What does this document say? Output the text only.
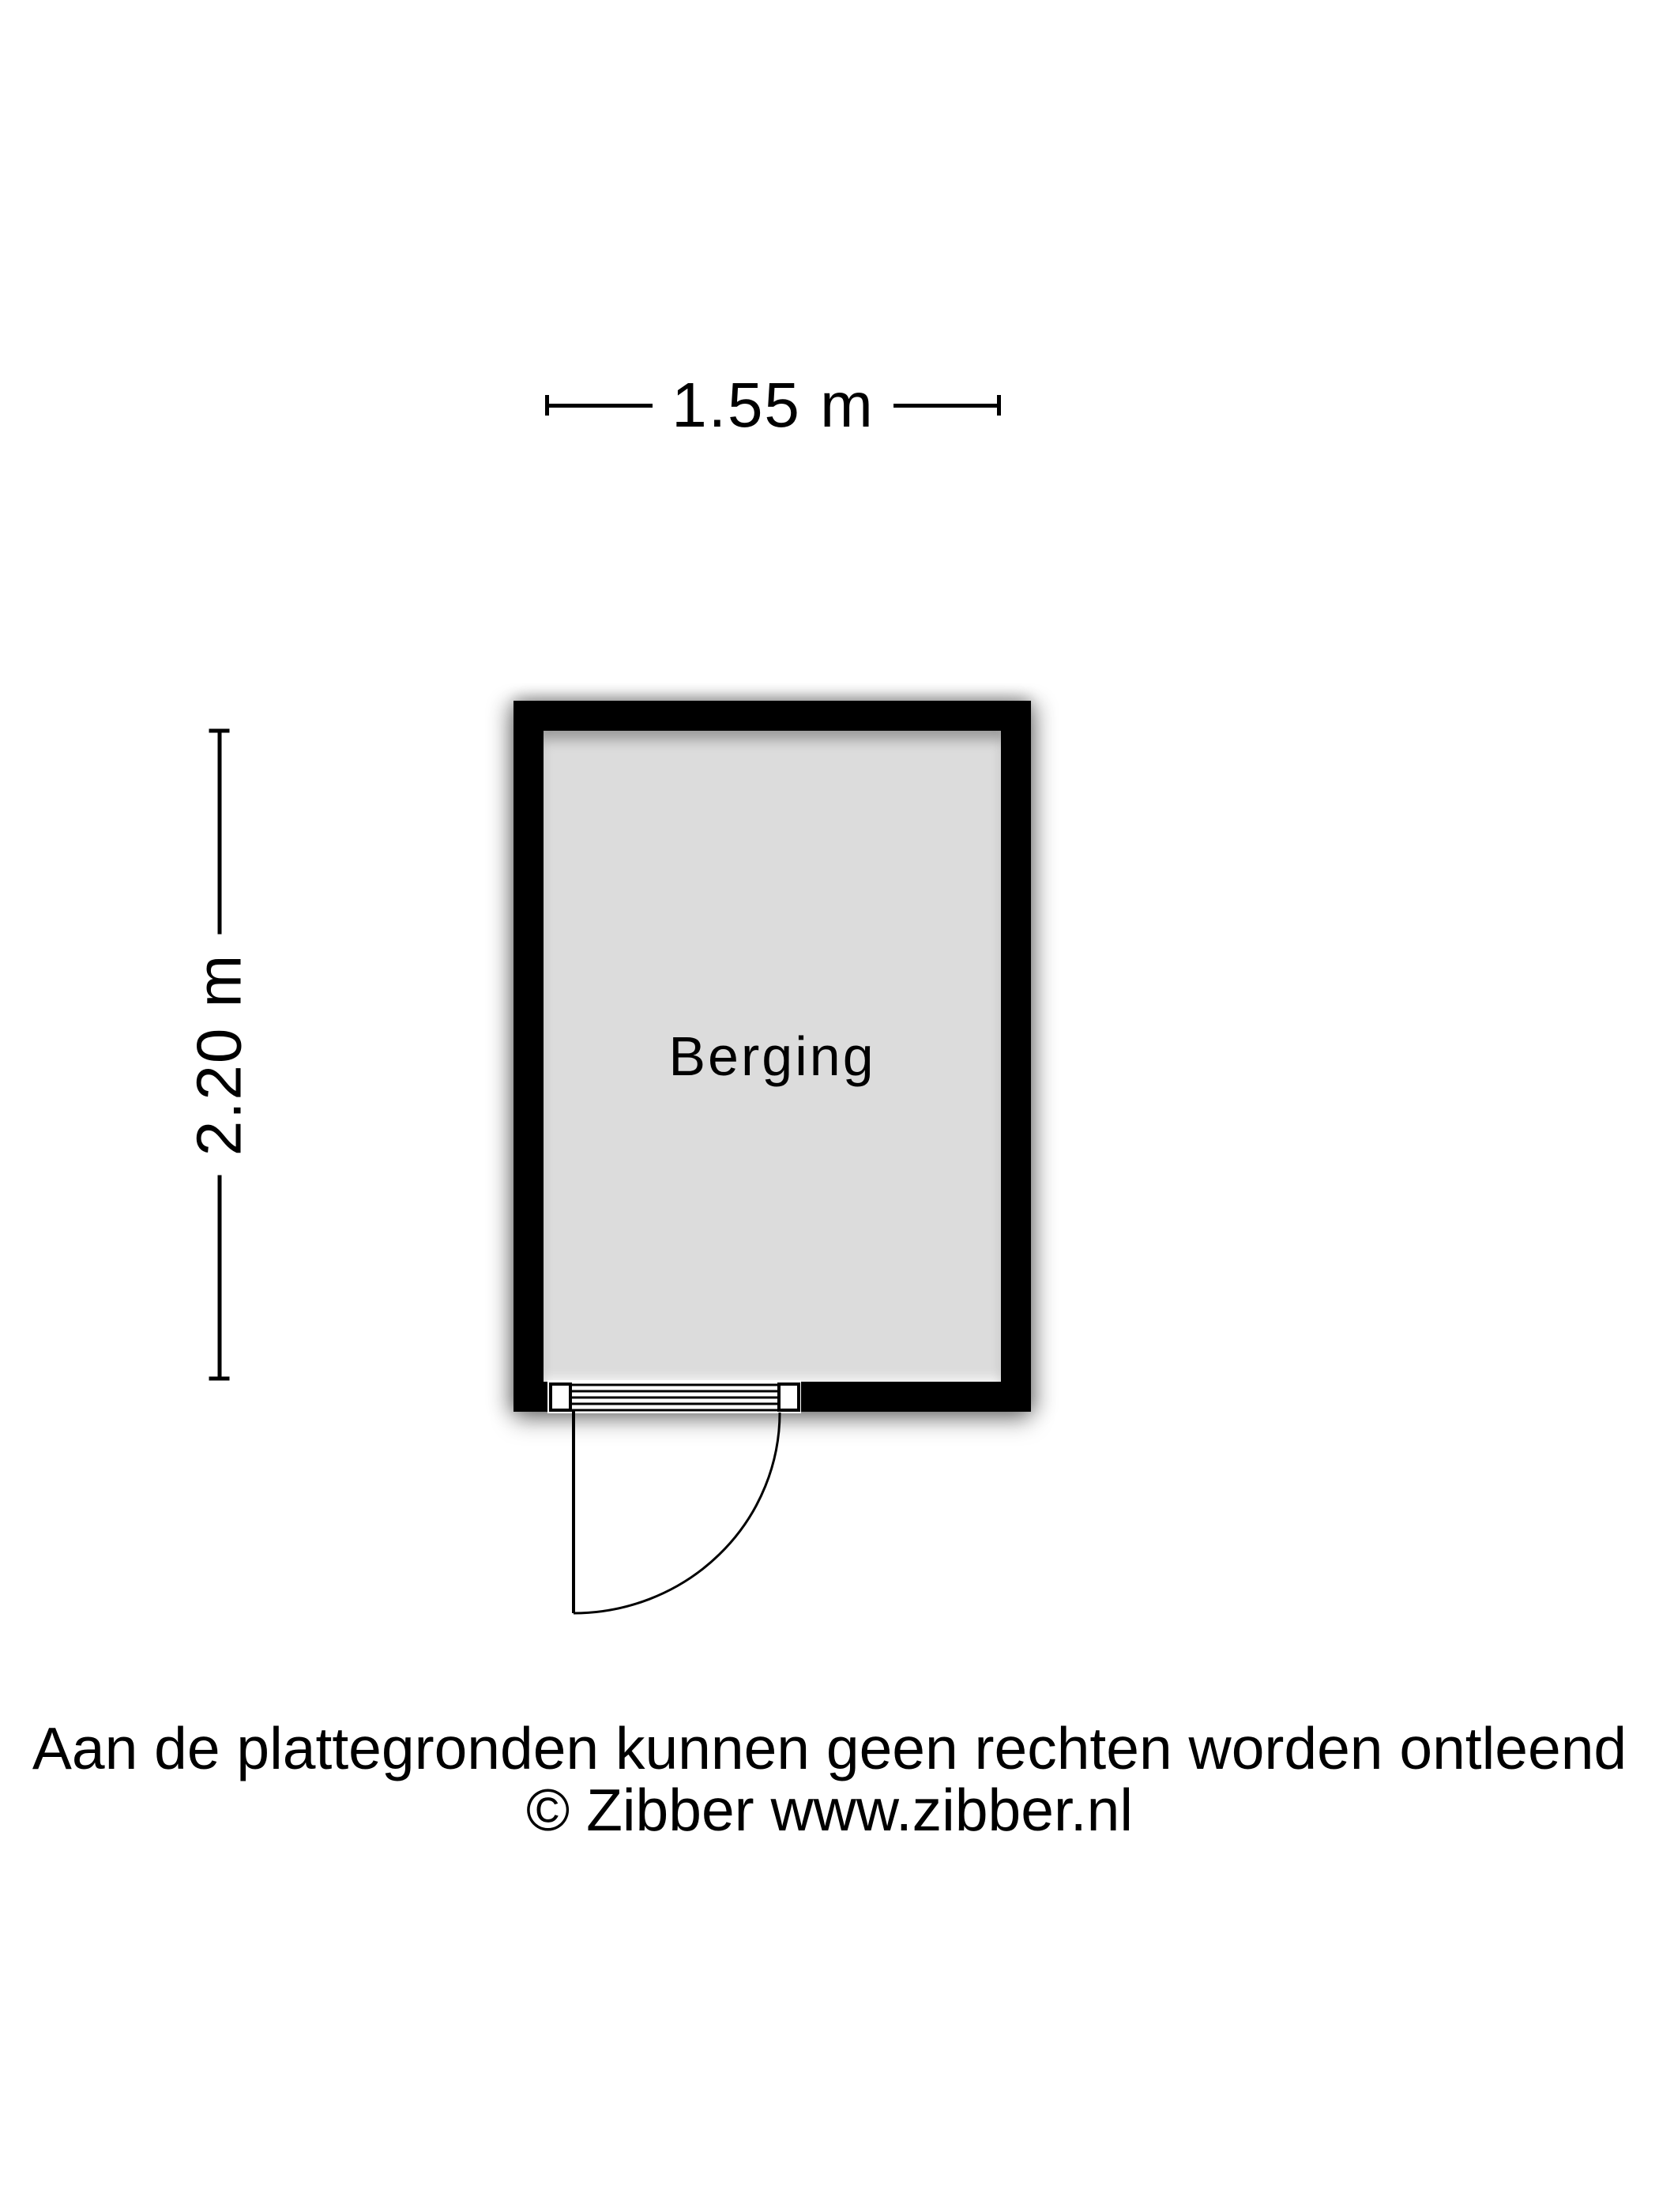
1.55 m
2.20 m	Berging
Aan de plattegronden kunnen geen rechten worden ontleend
© Zibber www.zibber.nl
